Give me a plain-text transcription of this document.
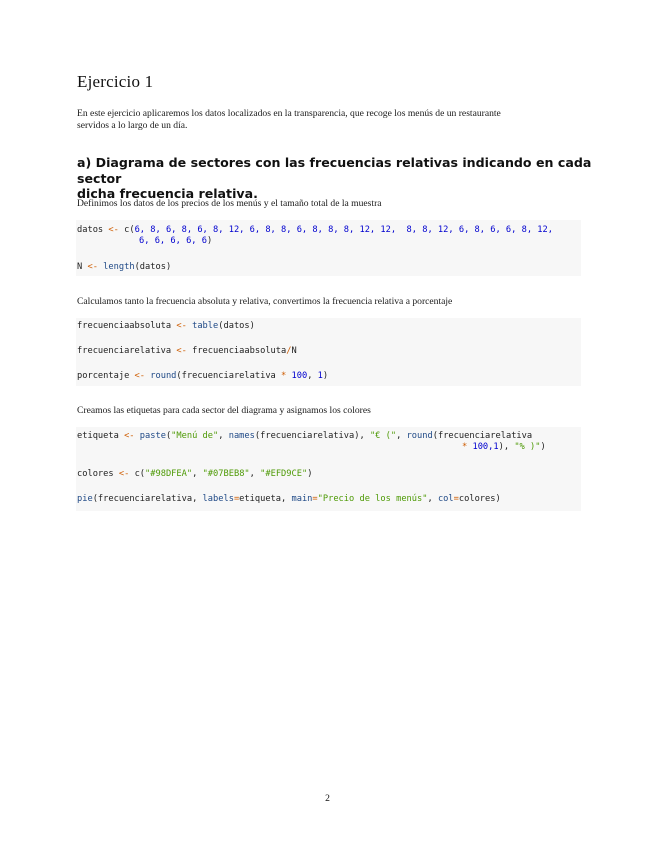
Ejercicio 1
En este ejercicio aplicaremos los datos localizados en la transparencia, que recoge los menús de un restaurante
servidos a lo largo de un día.
a) Diagrama de sectores con las frecuencias relativas indicando en cada sector
dicha frecuencia relativa.
Definimos los datos de los precios de los menús y el tamaño total de la muestra
datos <- c(6, 8, 6, 8, 6, 8, 12, 6, 8, 8, 6, 8, 8, 8, 12, 12,  8, 8, 12, 6, 8, 6, 6, 8, 12,
6, 6, 6, 6, 6)
N <- length(datos)
Calculamos tanto la frecuencia absoluta y relativa, convertimos la frecuencia relativa a porcentaje
frecuenciaabsoluta <- table(datos)
frecuenciarelativa <- frecuenciaabsoluta/N
porcentaje <- round(frecuenciarelativa * 100, 1)
Creamos las etiquetas para cada sector del diagrama y asignamos los colores
etiqueta <- paste("Menú de", names(frecuenciarelativa), "€ (", round(frecuenciarelativa
* 100,1), "% )")
colores <- c("#98DFEA", "#07BEB8", "#EFD9CE")
pie(frecuenciarelativa, labels=etiqueta, main="Precio de los menús", col=colores)
2
